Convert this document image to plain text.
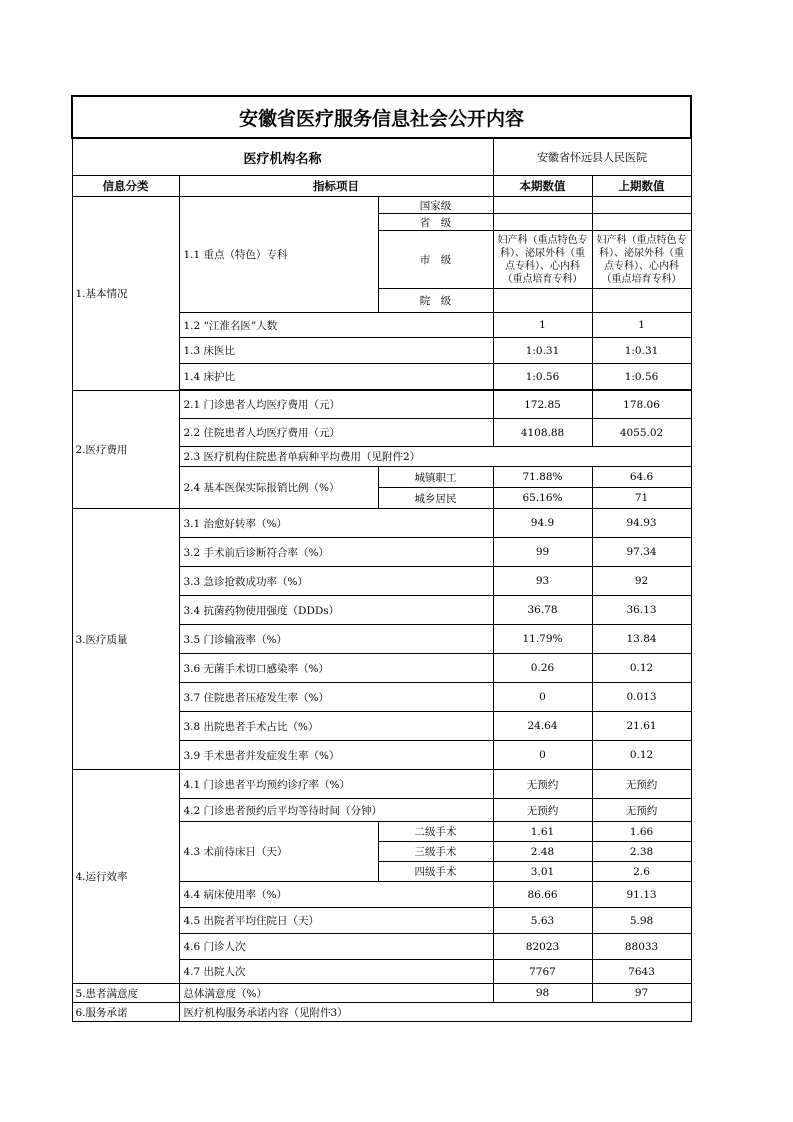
安徽省医疗服务信息社会公开内容				
医疗机构名称			安徽省怀远县人民医院	
信息分类	指标项目		本期数值	上期数值
1.基本情况	1.1 重点（特色）专科	国家级		
		省　级		
		市　级	妇产科（重点特色专科）、泌尿外科（重点专科）、心内科（重点培育专科）	妇产科（重点特色专科）、泌尿外科（重点专科）、心内科（重点培育专科）

		院　级		
	1.2 “江淮名医”人数		1	1
	1.3 床医比		1:0.31	1:0.31
	1.4 床护比		1:0.56	1:0.56

2.医疗费用	2.1 门诊患者人均医疗费用（元）		172.85	178.06
	2.2 住院患者人均医疗费用（元）		4108.88	4055.02
	2.3 医疗机构住院患者单病种平均费用（见附件2）			
	2.4 基本医保实际报销比例（%）	城镇职工	71.88%	64.6
		城乡居民	65.16%	71
3.医疗质量	3.1 治愈好转率（%）		94.9	94.93
	3.2 手术前后诊断符合率（%）		99	97.34
	3.3 急诊抢救成功率（%）		93	92
	3.4 抗菌药物使用强度（DDDs）		36.78	36.13
	3.5 门诊输液率（%）		11.79%	13.84
	3.6 无菌手术切口感染率（%）		0.26	0.12
	3.7 住院患者压疮发生率（%）		0	0.013
	3.8 出院患者手术占比（%）		24.64	21.61
	3.9 手术患者并发症发生率（%）		0	0.12
4.运行效率	4.1 门诊患者平均预约诊疗率（%）		无预约	无预约
	4.2 门诊患者预约后平均等待时间（分钟）		无预约	无预约
	4.3 术前待床日（天）	二级手术	1.61	1.66
		三级手术	2.48	2.38
		四级手术	3.01	2.6
	4.4 病床使用率（%）		86.66	91.13
	4.5 出院者平均住院日（天）		5.63	5.98
	4.6 门诊人次		82023	88033
	4.7 出院人次		7767	7643
5.患者满意度	总体满意度（%）		98	97
6.服务承诺	医疗机构服务承诺内容（见附件3）			
